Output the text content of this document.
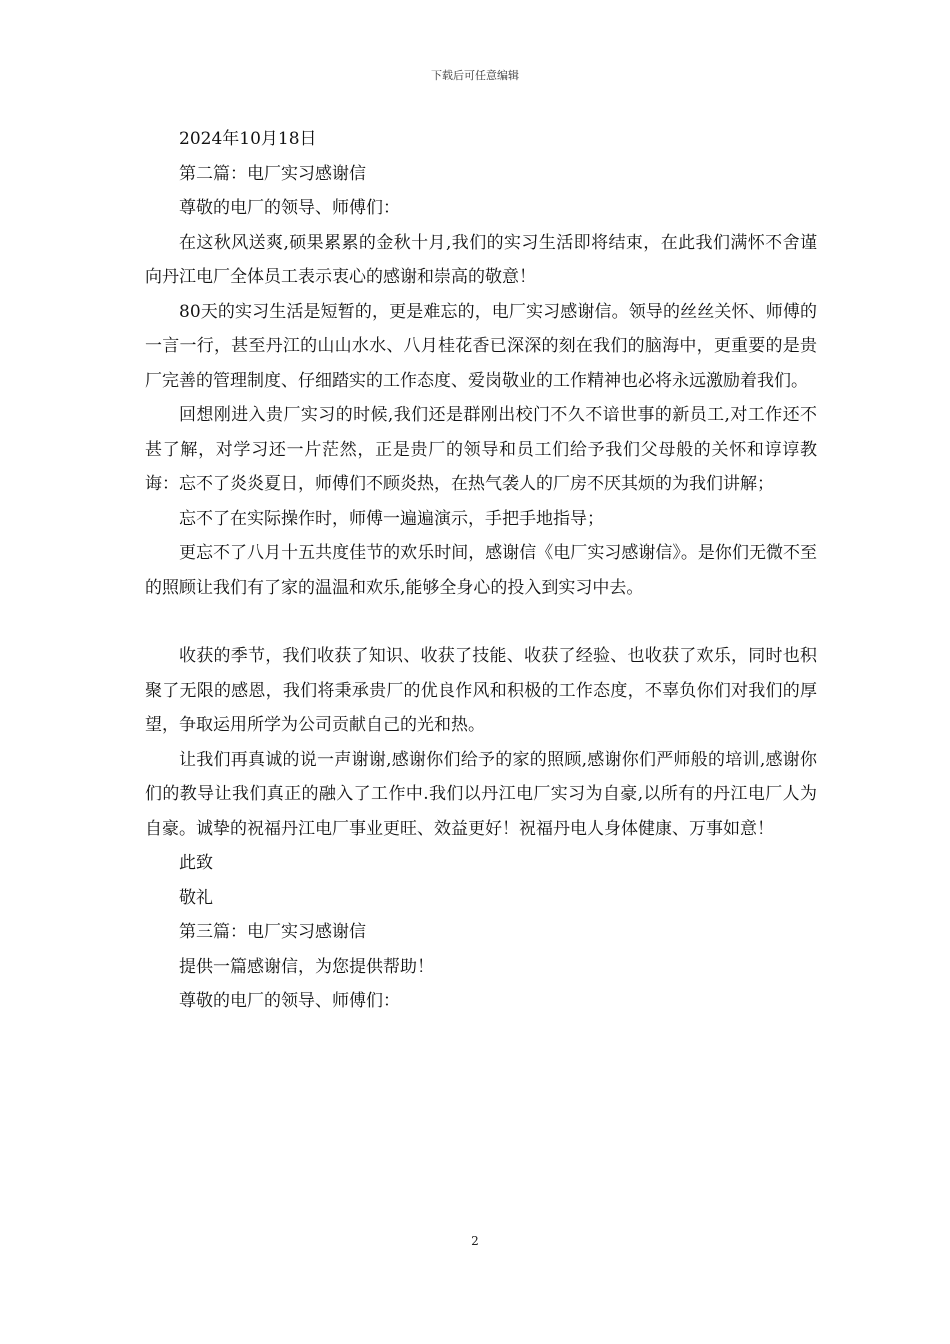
下载后可任意编辑

2024年10月18日

第二篇：电厂实习感谢信

尊敬的电厂的领导、师傅们：

在这秋风送爽,硕果累累的金秋十月,我们的实习生活即将结束，在此我们满怀不舍谨向丹江电厂全体员工表示衷心的感谢和崇高的敬意！

80天的实习生活是短暂的，更是难忘的，电厂实习感谢信。领导的丝丝关怀、师傅的一言一行，甚至丹江的山山水水、八月桂花香已深深的刻在我们的脑海中，更重要的是贵厂完善的管理制度、仔细踏实的工作态度、爱岗敬业的工作精神也必将永远激励着我们。

回想刚进入贵厂实习的时候,我们还是群刚出校门不久不谙世事的新员工,对工作还不甚了解，对学习还一片茫然，正是贵厂的领导和员工们给予我们父母般的关怀和谆谆教诲：忘不了炎炎夏日，师傅们不顾炎热，在热气袭人的厂房不厌其烦的为我们讲解；

忘不了在实际操作时，师傅一遍遍演示，手把手地指导；

更忘不了八月十五共度佳节的欢乐时间，感谢信《电厂实习感谢信》。是你们无微不至的照顾让我们有了家的温温和欢乐,能够全身心的投入到实习中去。

收获的季节，我们收获了知识、收获了技能、收获了经验、也收获了欢乐，同时也积聚了无限的感恩，我们将秉承贵厂的优良作风和积极的工作态度，不辜负你们对我们的厚望，争取运用所学为公司贡献自己的光和热。

让我们再真诚的说一声谢谢,感谢你们给予的家的照顾,感谢你们严师般的培训,感谢你们的教导让我们真正的融入了工作中.我们以丹江电厂实习为自豪,以所有的丹江电厂人为自豪。诚挚的祝福丹江电厂事业更旺、效益更好！祝福丹电人身体健康、万事如意！

此致

敬礼

第三篇：电厂实习感谢信

提供一篇感谢信，为您提供帮助！

尊敬的电厂的领导、师傅们：

2
